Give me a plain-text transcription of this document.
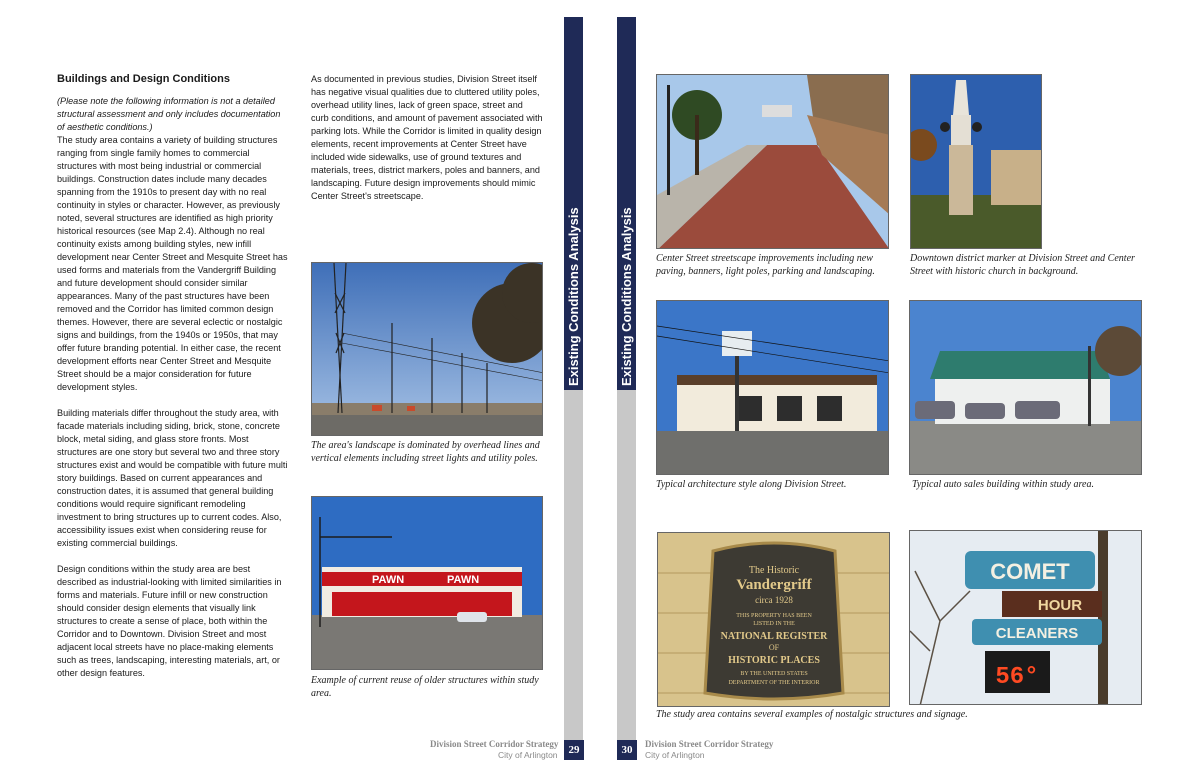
Buildings and Design Conditions

(Please note the following information is not a detailed structural assessment and only includes documentation of aesthetic conditions.)

The study area contains a variety of building structures ranging from single family homes to commercial structures with most being industrial or commercial buildings. Construction dates include many decades spanning from the 1910s to present day with no real continuity in styles or character. However, as previously noted, several structures are identified as high priority historical resources (see Map 2.4). Although no real continuity exists among building styles, new infill development near Center Street and Mesquite Street has used forms and materials from the Vandergriff Building and future development should consider similar appearances. Many of the past structures have been removed and the Corridor has limited common design themes. However, there are several eclectic or nostalgic signs and buildings, from the 1940s or 1950s, that may offer future branding potential. In either case, the recent development efforts near Center Street and Mesquite Street should be a major consideration for future development styles.

Building materials differ throughout the study area, with facade materials including siding, brick, stone, concrete block, metal siding, and glass store fronts. Most structures are one story but several two and three story structures exist and would be compatible with future multi story buildings. Based on current appearances and construction dates, it is assumed that general building conditions would require significant remodeling investment to bring structures up to current codes. Also, accessibility issues exist when considering reuse for existing commercial buildings.

Design conditions within the study area are best described as industrial-looking with limited similarities in forms and materials. Future infill or new construction should consider design elements that visually link structures to create a sense of place, both within the Corridor and to Downtown. Division Street and most adjacent local streets have no place-making elements such as trees, landscaping, interesting materials, art, or other design features.

As documented in previous studies, Division Street itself has negative visual qualities due to cluttered utility poles, overhead utility lines, lack of green space, street and curb conditions, and amount of pavement associated with parking lots. While the Corridor is limited in quality design elements, recent improvements at Center Street have included wide sidewalks, use of ground textures and materials, trees, district markers, poles and banners, and landscaping. Future design improvements should mimic Center Street's streetscape.

The area's landscape is dominated by overhead lines and vertical elements including street lights and utility poles.
PAWN	PAWN
Example of current reuse of older structures within study area.
Existing Conditions Analysis
29
Division Street Corridor Strategy
City of Arlington
Existing Conditions Analysis
30	Division Street Corridor Strategy
City of Arlington
Center Street streetscape improvements including new paving, banners, light poles, parking and landscaping.
Downtown district marker at Division Street and Center Street with historic church in background.
Typical architecture style along Division Street.	Typical auto sales building within study area.
The Historic
Vandergriff
circa 1928
THIS PROPERTY HAS BEEN
LISTED IN THE
NATIONAL REGISTER
OF
HISTORIC PLACES
BY THE UNITED STATES
DEPARTMENT OF THE INTERIOR
COMET
HOUR
CLEANERS
56°
The study area contains several examples of nostalgic structures and signage.
